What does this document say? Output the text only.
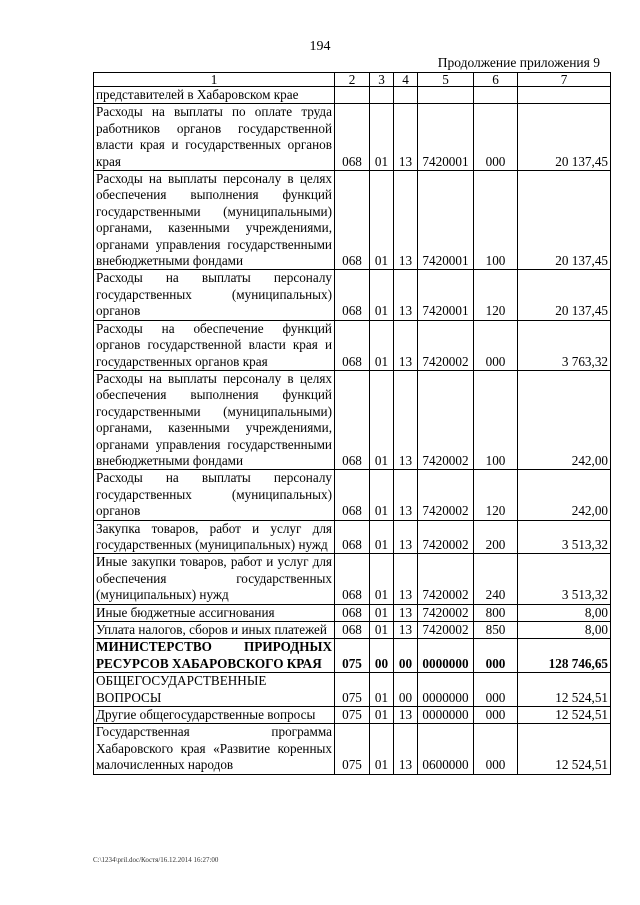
194
Продолжение приложения 9
1	2	3	4	5	6	7
представителей в Хабаровском крае						
Расходы на выплаты по оплате труда работников органов государственной власти края и государственных органов края	068	01	13	7420001	000	20 137,45
Расходы на выплаты персоналу в целях обеспечения выполнения функций государственными (муниципальными) органами, казенными учреждениями, органами управления государственными внебюджетными фондами	068	01	13	7420001	100	20 137,45
Расходы на выплаты персоналу государственных (муниципальных) органов	068	01	13	7420001	120	20 137,45
Расходы на обеспечение функций органов государственной власти края и государственных органов края	068	01	13	7420002	000	3 763,32
Расходы на выплаты персоналу в целях обеспечения выполнения функций государственными (муниципальными) органами, казенными учреждениями, органами управления государственными внебюджетными фондами	068	01	13	7420002	100	242,00
Расходы на выплаты персоналу государственных (муниципальных) органов	068	01	13	7420002	120	242,00
Закупка товаров, работ и услуг для государственных (муниципальных) нужд	068	01	13	7420002	200	3 513,32
Иные закупки товаров, работ и услуг для обеспечения государственных (муниципальных) нужд	068	01	13	7420002	240	3 513,32
Иные бюджетные ассигнования	068	01	13	7420002	800	8,00
Уплата налогов, сборов и иных платежей	068	01	13	7420002	850	8,00
МИНИСТЕРСТВО ПРИРОДНЫХ РЕСУРСОВ ХАБАРОВСКОГО КРАЯ	075	00	00	0000000	000	128 746,65
ОБЩЕГОСУДАРСТВЕННЫЕ ВОПРОСЫ	075	01	00	0000000	000	12 524,51
Другие общегосударственные вопросы	075	01	13	0000000	000	12 524,51
Государственная программа Хабаровского края «Развитие коренных малочисленных народов	075	01	13	0600000	000	12 524,51
C:\1234\pril.doc/Костя/16.12.2014 16:27:00
